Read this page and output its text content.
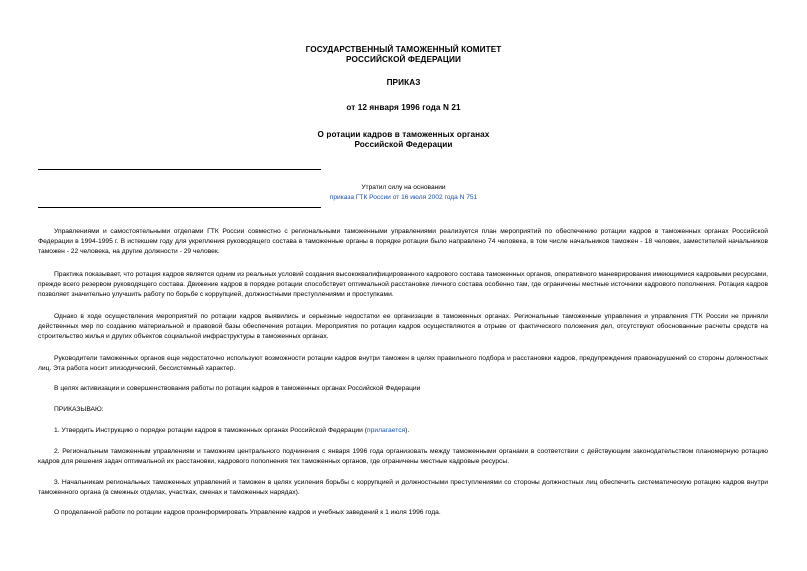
ГОСУДАРСТВЕННЫЙ ТАМОЖЕННЫЙ КОМИТЕТ
РОССИЙСКОЙ ФЕДЕРАЦИИ
ПРИКАЗ
от 12 января 1996 года N 21
О ротации кадров в таможенных органах
Российской Федерации
Утратил силу на основании
приказа ГТК России от 16 июля 2002 года N 751

Управлениями и самостоятельными отделами ГТК России совместно с региональными таможенными управлениями реализуется план мероприятий по обеспечению ротации кадров в таможенных органах Российской Федерации в 1994-1995 г. В истекшем году для укрепления руководящего состава в таможенные органы в порядке ротации было направлено 74 человека, в том числе начальников таможен - 18 человек, заместителей начальников таможен - 22 человека, на другие должности - 29 человек.

Практика показывает, что ротация кадров является одним из реальных условий создания высококвалифицированного кадрового состава таможенных органов, оперативного маневрирования имеющимися кадровыми ресурсами, прежде всего резервом руководящего состава. Движение кадров в порядке ротации способствует оптимальной расстановке личного состава особенно там, где ограничены местные источники кадрового пополнения. Ротация кадров позволяет значительно улучшить работу по борьбе с коррупцией, должностными преступлениями и проступками.

Однако в ходе осуществления мероприятий по ротации кадров выявились и серьезные недостатки ее организации в таможенных органах. Региональные таможенные управления и управления ГТК России не приняли действенных мер по созданию материальной и правовой базы обеспечения ротации. Мероприятия по ротации кадров осуществляются в отрыве от фактического положения дел, отсутствуют обоснованные расчеты средств на строительство жилья и других объектов социальной инфраструктуры в таможенных органах.

Руководители таможенных органов еще недостаточно используют возможности ротации кадров внутри таможен в целях правильного подбора и расстановки кадров, предупреждения правонарушений со стороны должностных лиц. Эта работа носит эпизодический, бессистемный характер.

В целях активизации и совершенствования работы по ротации кадров в таможенных органах Российской Федерации

ПРИКАЗЫВАЮ:

1. Утвердить Инструкцию о порядке ротации кадров в таможенных органах Российской Федерации (прилагается).

2. Региональным таможенным управлениям и таможням центрального подчинения с января 1996 года организовать между таможенными органами в соответствии с действующим законодательством планомерную ротацию кадров для решения задач оптимальной их расстановки, кадрового пополнения тех таможенных органов, где ограничены местные кадровые ресурсы.

3. Начальникам региональных таможенных управлений и таможен в целях усиления борьбы с коррупцией и должностными преступлениями со стороны должностных лиц обеспечить систематическую ротацию кадров внутри таможенного органа (в смежных отделах, участках, сменах и таможенных нарядах).

О проделанной работе по ротации кадров проинформировать Управление кадров и учебных заведений к 1 июля 1996 года.
